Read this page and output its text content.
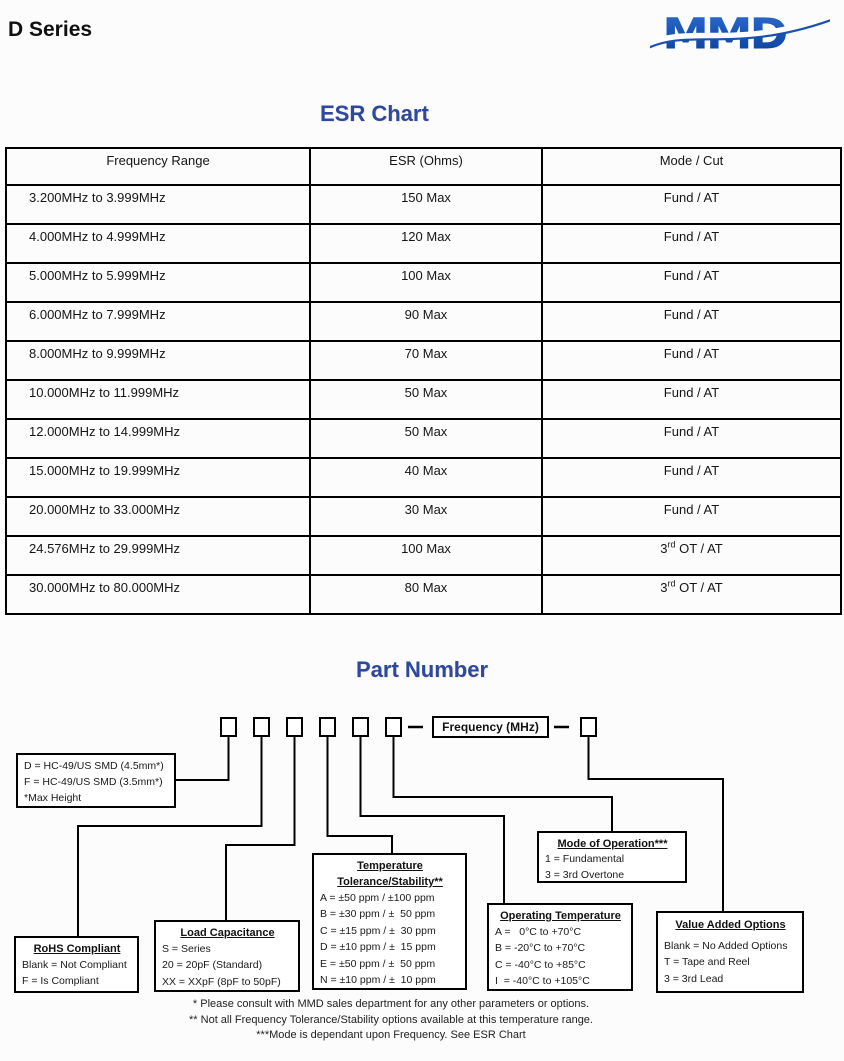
D Series	MMD
ESR Chart
Frequency Range	ESR (Ohms)	Mode / Cut
3.200MHz to 3.999MHz	150 Max	Fund / AT
4.000MHz to 4.999MHz	120 Max	Fund / AT
5.000MHz to 5.999MHz	100 Max	Fund / AT
6.000MHz to 7.999MHz	90 Max	Fund / AT
8.000MHz to 9.999MHz	70 Max	Fund / AT
10.000MHz to 11.999MHz	50 Max	Fund / AT
12.000MHz to 14.999MHz	50 Max	Fund / AT
15.000MHz to 19.999MHz	40 Max	Fund / AT
20.000MHz to 33.000MHz	30 Max	Fund / AT
24.576MHz to 29.999MHz	100 Max	3rd OT / AT
30.000MHz to 80.000MHz	80 Max	3rd OT / AT
Part Number
Frequency (MHz)
D = HC-49/US SMD (4.5mm*)
F = HC-49/US SMD (3.5mm*)
*Max Height
RoHS Compliant
Blank = Not Compliant
F = Is Compliant
Load Capacitance
S = Series
20 = 20pF (Standard)
XX = XXpF (8pF to 50pF)
Temperature
Tolerance/Stability**
A = ±50 ppm / ±100 ppm
B = ±30 ppm / ±  50 ppm
C = ±15 ppm / ±  30 ppm
D = ±10 ppm / ±  15 ppm
E = ±50 ppm / ±  50 ppm
N = ±10 ppm / ±  10 ppm
Mode of Operation***
1 = Fundamental
3 = 3rd Overtone
Operating Temperature
A =   0°C to +70°C
B = -20°C to +70°C
C = -40°C to +85°C
I  = -40°C to +105°C
Value Added Options
Blank = No Added Options
T = Tape and Reel
3 = 3rd Lead
* Please consult with MMD sales department for any other parameters or options.
** Not all Frequency Tolerance/Stability options available at this temperature range.
***Mode is dependant upon Frequency. See ESR Chart
